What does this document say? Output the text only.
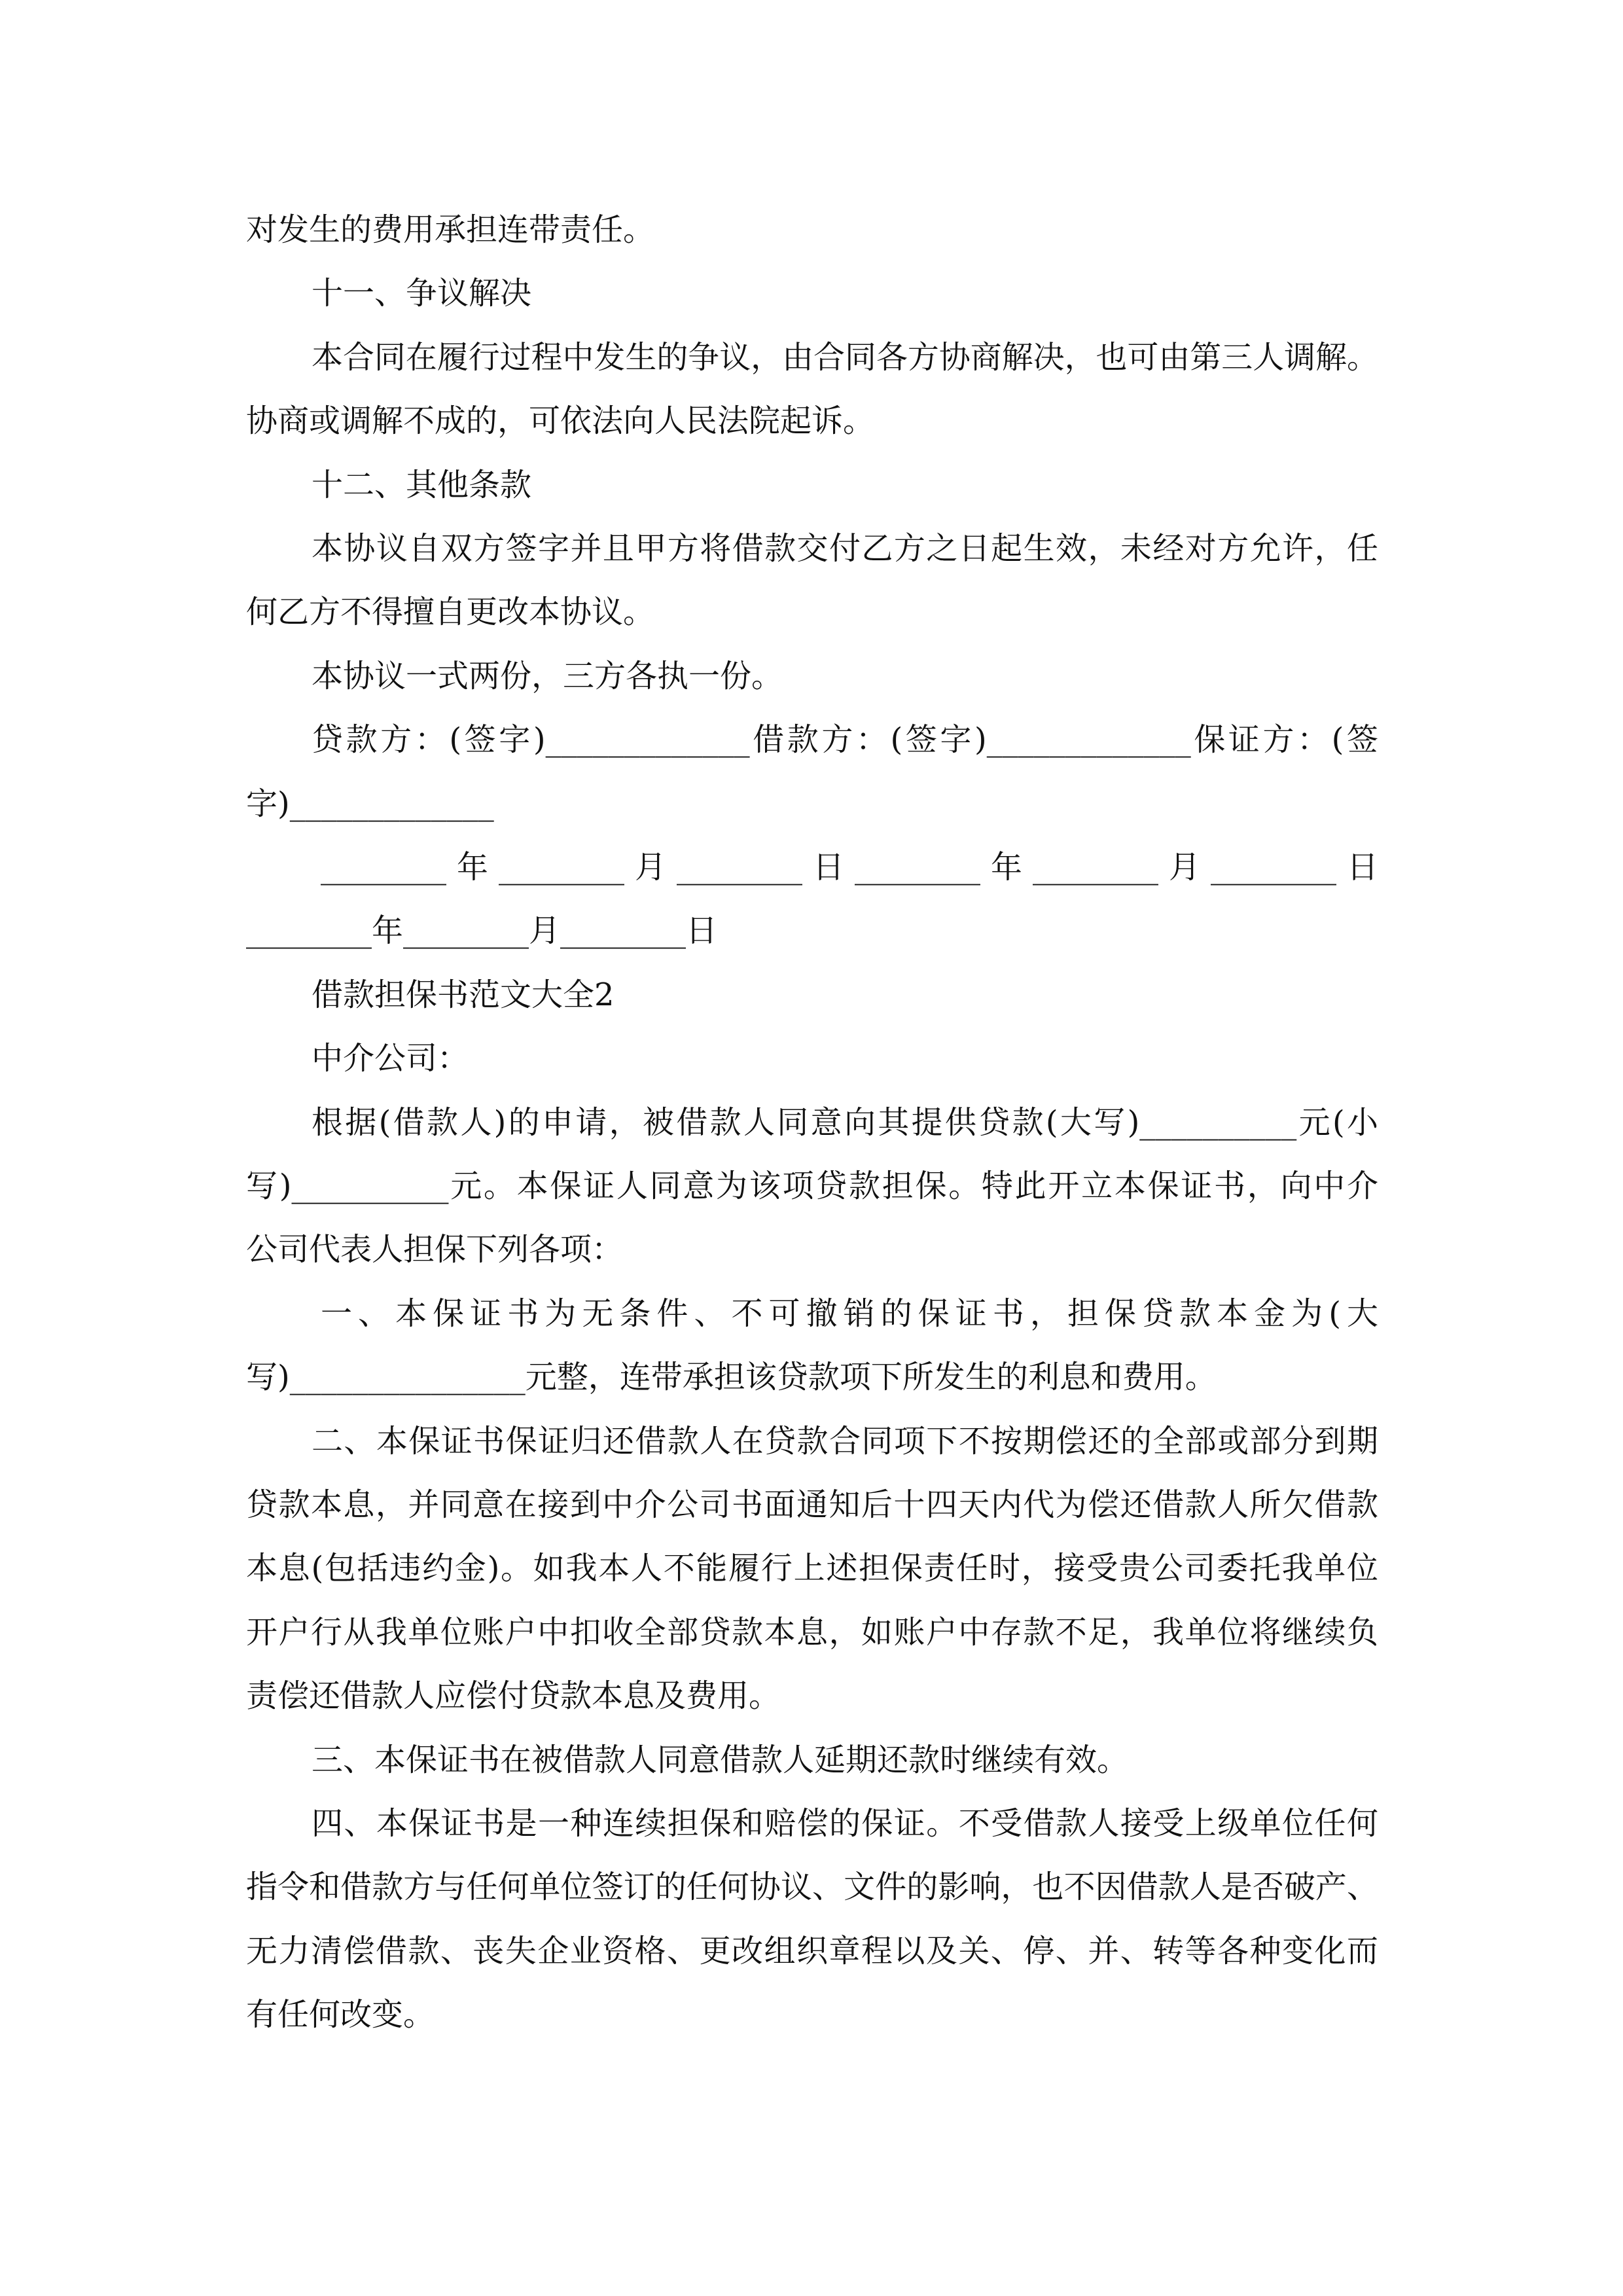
对发生的费用承担连带责任。
十一、争议解决
本合同在履行过程中发生的争议，由合同各方协商解决，也可由第三人调解。
协商或调解不成的，可依法向人民法院起诉。
十二、其他条款
本协议自双方签字并且甲方将借款交付乙方之日起生效，未经对方允许，任
何乙方不得擅自更改本协议。
本协议一式两份，三方各执一份。
贷款方：(签字)_____________借款方：(签字)_____________保证方：(签
字)_____________
________年________月________日________年________月________日
________年________月________日
借款担保书范文大全2
中介公司：
根据(借款人)的申请，被借款人同意向其提供贷款(大写)__________元(小
写)__________元。本保证人同意为该项贷款担保。特此开立本保证书，向中介
公司代表人担保下列各项：
一、本保证书为无条件、不可撤销的保证书，担保贷款本金为(大
写)_______________元整，连带承担该贷款项下所发生的利息和费用。
二、本保证书保证归还借款人在贷款合同项下不按期偿还的全部或部分到期
贷款本息，并同意在接到中介公司书面通知后十四天内代为偿还借款人所欠借款
本息(包括违约金)。如我本人不能履行上述担保责任时，接受贵公司委托我单位
开户行从我单位账户中扣收全部贷款本息，如账户中存款不足，我单位将继续负
责偿还借款人应偿付贷款本息及费用。
三、本保证书在被借款人同意借款人延期还款时继续有效。
四、本保证书是一种连续担保和赔偿的保证。不受借款人接受上级单位任何
指令和借款方与任何单位签订的任何协议、文件的影响，也不因借款人是否破产、
无力清偿借款、丧失企业资格、更改组织章程以及关、停、并、转等各种变化而
有任何改变。
